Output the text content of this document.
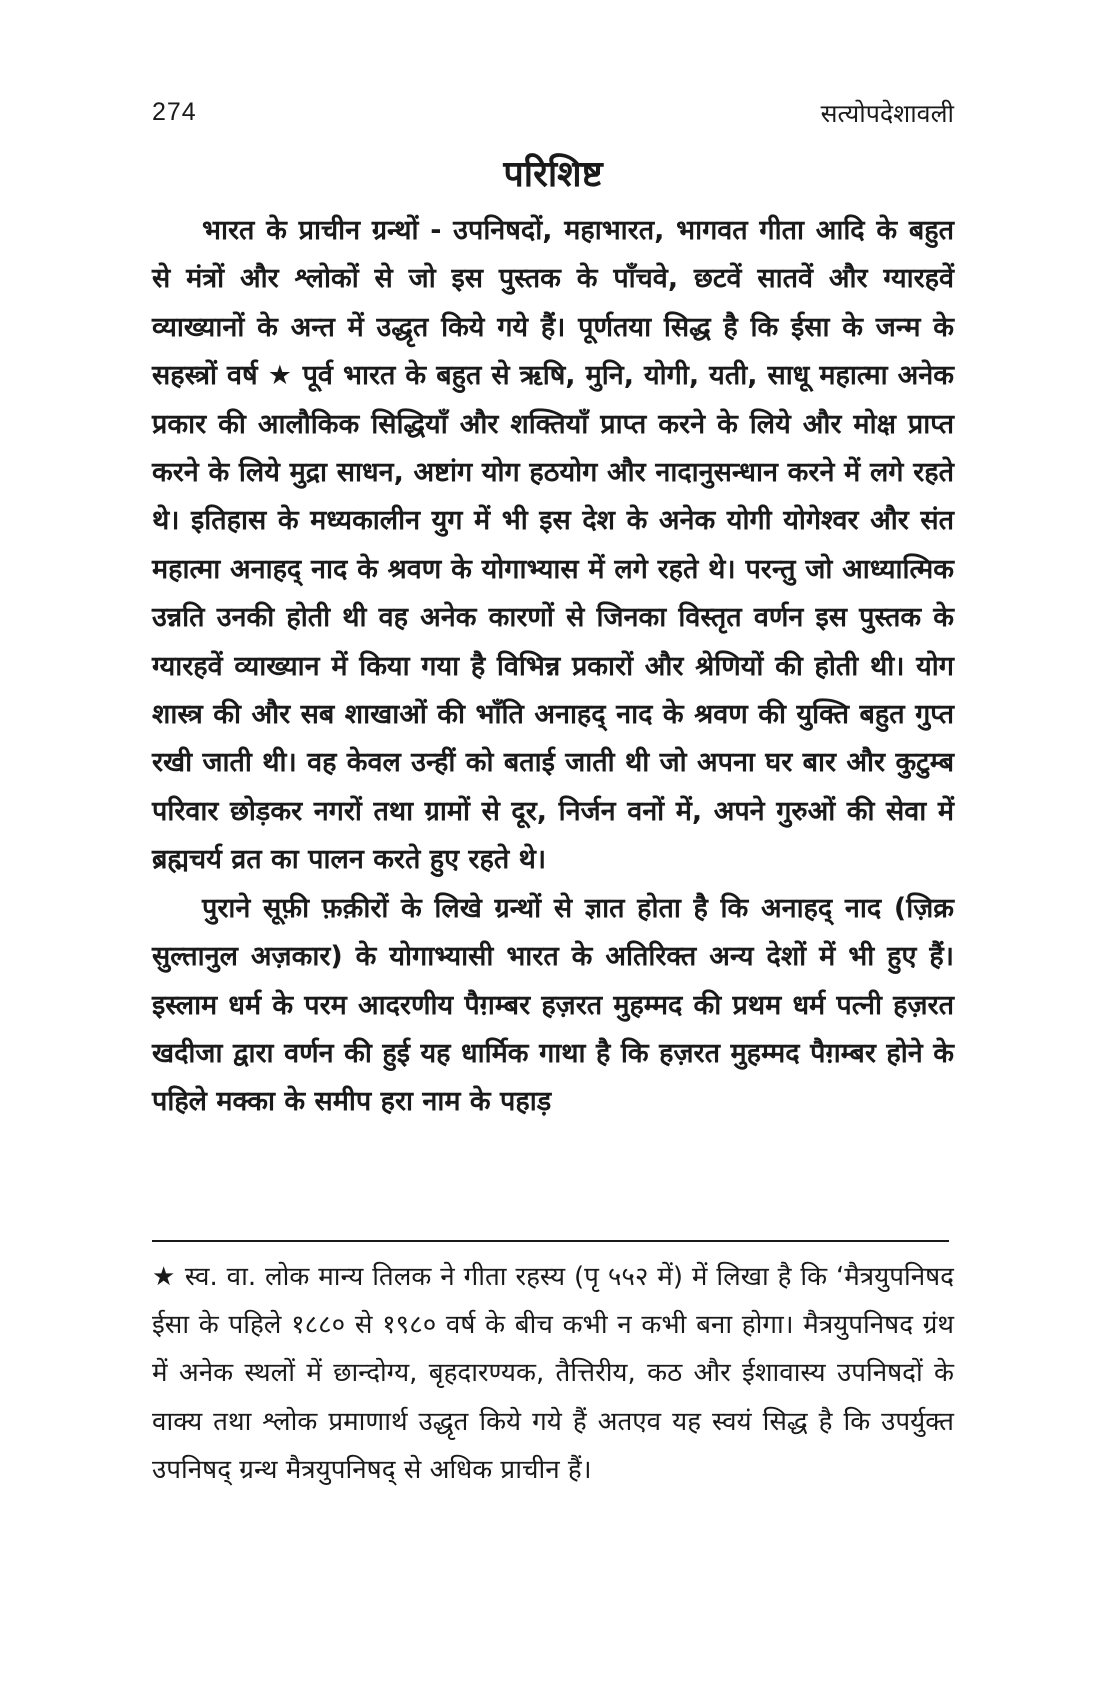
274	सत्योपदेशावली
परिशिष्ट

भारत के प्राचीन ग्रन्थों - उपनिषदों, महाभारत, भागवत गीता आदि के बहुत से मंत्रों और श्लोकों से जो इस पुस्तक के पाँचवे, छटवें सातवें और ग्यारहवें व्याख्यानों के अन्त में उद्धृत किये गये हैं। पूर्णतया सिद्ध है कि ईसा के जन्म के सहस्त्रों वर्ष ★ पूर्व भारत के बहुत से ऋषि, मुनि, योगी, यती, साधू महात्मा अनेक प्रकार की आलौकिक सिद्धियाँ और शक्तियाँ प्राप्त करने के लिये और मोक्ष प्राप्त करने के लिये मुद्रा साधन, अष्टांग योग हठयोग और नादानुसन्धान करने में लगे रहते थे। इतिहास के मध्यकालीन युग में भी इस देश के अनेक योगी योगेश्वर और संत महात्मा अनाहद् नाद के श्रवण के योगाभ्यास में लगे रहते थे। परन्तु जो आध्यात्मिक उन्नति उनकी होती थी वह अनेक कारणों से जिनका विस्तृत वर्णन इस पुस्तक के ग्यारहवें व्याख्यान में किया गया है विभिन्न प्रकारों और श्रेणियों की होती थी। योग शास्त्र की और सब शाखाओं की भाँति अनाहद् नाद के श्रवण की युक्ति बहुत गुप्त रखी जाती थी। वह केवल उन्हीं को बताई जाती थी जो अपना घर बार और कुटुम्ब परिवार छोड़कर नगरों तथा ग्रामों से दूर, निर्जन वनों में, अपने गुरुओं की सेवा में ब्रह्मचर्य व्रत का पालन करते हुए रहते थे।

पुराने सूफ़ी फ़क़ीरों के लिखे ग्रन्थों से ज्ञात होता है कि अनाहद् नाद (ज़िक्र सुल्तानुल अज़कार) के योगाभ्यासी भारत के अतिरिक्त अन्य देशों में भी हुए हैं। इस्लाम धर्म के परम आदरणीय पैग़म्बर हज़रत मुहम्मद की प्रथम धर्म पत्नी हज़रत खदीजा द्वारा वर्णन की हुई यह धार्मिक गाथा है कि हज़रत मुहम्मद पैग़म्बर होने के पहिले मक्का के समीप हरा नाम के पहाड़

★ स्व. वा. लोक मान्य तिलक ने गीता रहस्य (पृ ५५२ में) में लिखा है कि ‘मैत्रयुपनिषद ईसा के पहिले १८८० से १९८० वर्ष के बीच कभी न कभी बना होगा। मैत्रयुपनिषद ग्रंथ में अनेक स्थलों में छान्दोग्य, बृहदारण्यक, तैत्तिरीय, कठ और ईशावास्य उपनिषदों के वाक्य तथा श्लोक प्रमाणार्थ उद्धृत किये गये हैं अतएव यह स्वयं सिद्ध है कि उपर्युक्त उपनिषद् ग्रन्थ मैत्रयुपनिषद् से अधिक प्राचीन हैं।
